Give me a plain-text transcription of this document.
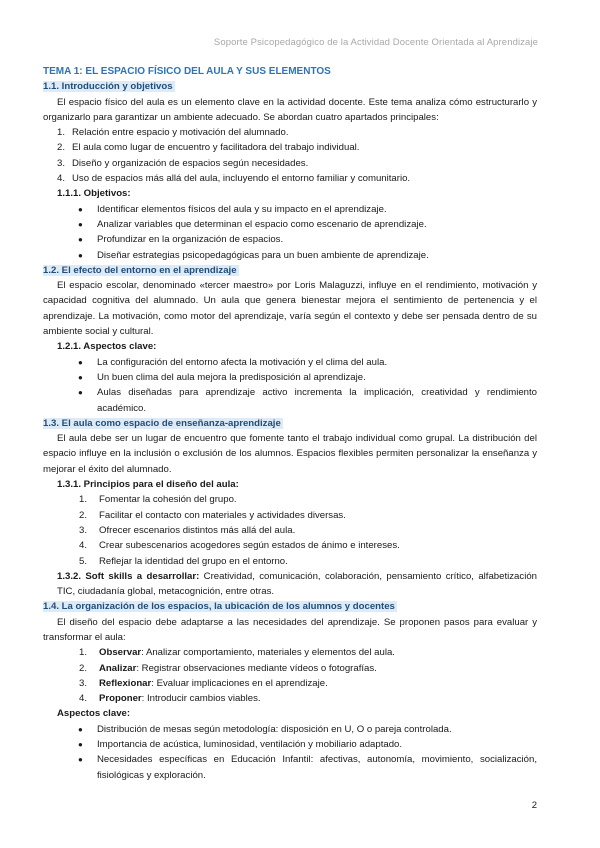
Soporte Psicopedagógico de la Actividad Docente Orientada al Aprendizaje
TEMA 1: EL ESPACIO FÍSICO DEL AULA Y SUS ELEMENTOS
1.1. Introducción y objetivos

El espacio físico del aula es un elemento clave en la actividad docente. Este tema analiza cómo estructurarlo y organizarlo para garantizar un ambiente adecuado. Se abordan cuatro apartados principales:

1. Relación entre espacio y motivación del alumnado.
2. El aula como lugar de encuentro y facilitadora del trabajo individual.
3. Diseño y organización de espacios según necesidades.
4. Uso de espacios más allá del aula, incluyendo el entorno familiar y comunitario.
1.1.1. Objetivos:
●
Identificar elementos físicos del aula y su impacto en el aprendizaje.
●
Analizar variables que determinan el espacio como escenario de aprendizaje.
●
Profundizar en la organización de espacios.
●
Diseñar estrategias psicopedagógicas para un buen ambiente de aprendizaje.
1.2. El efecto del entorno en el aprendizaje

El espacio escolar, denominado «tercer maestro» por Loris Malaguzzi, influye en el rendimiento, motivación y capacidad cognitiva del alumnado. Un aula que genera bienestar mejora el sentimiento de pertenencia y el aprendizaje. La motivación, como motor del aprendizaje, varía según el contexto y debe ser pensada dentro de su ambiente social y cultural.

1.2.1. Aspectos clave:
●
La configuración del entorno afecta la motivación y el clima del aula.
●
Un buen clima del aula mejora la predisposición al aprendizaje.
●
Aulas diseñadas para aprendizaje activo incrementa la implicación, creatividad y rendimiento académico.
1.3. El aula como espacio de enseñanza-aprendizaje

El aula debe ser un lugar de encuentro que fomente tanto el trabajo individual como grupal. La distribución del espacio influye en la inclusión o exclusión de los alumnos. Espacios flexibles permiten personalizar la enseñanza y mejorar el éxito del alumnado.

1.3.1. Principios para el diseño del aula:
1. Fomentar la cohesión del grupo.
2. Facilitar el contacto con materiales y actividades diversas.
3. Ofrecer escenarios distintos más allá del aula.
4. Crear subescenarios acogedores según estados de ánimo e intereses.
5. Reflejar la identidad del grupo en el entorno.

1.3.2. Soft skills a desarrollar: Creatividad, comunicación, colaboración, pensamiento crítico, alfabetización TIC, ciudadanía global, metacognición, entre otras.

1.4. La organización de los espacios, la ubicación de los alumnos y docentes

El diseño del espacio debe adaptarse a las necesidades del aprendizaje. Se proponen pasos para evaluar y transformar el aula:

1. Observar: Analizar comportamiento, materiales y elementos del aula.
2. Analizar: Registrar observaciones mediante vídeos o fotografías.
3. Reflexionar: Evaluar implicaciones en el aprendizaje.
4. Proponer: Introducir cambios viables.
Aspectos clave:
●
Distribución de mesas según metodología: disposición en U, O o pareja controlada.
●
Importancia de acústica, luminosidad, ventilación y mobiliario adaptado.
●
Necesidades específicas en Educación Infantil: afectivas, autonomía, movimiento, socialización, fisiológicas y exploración.
2
